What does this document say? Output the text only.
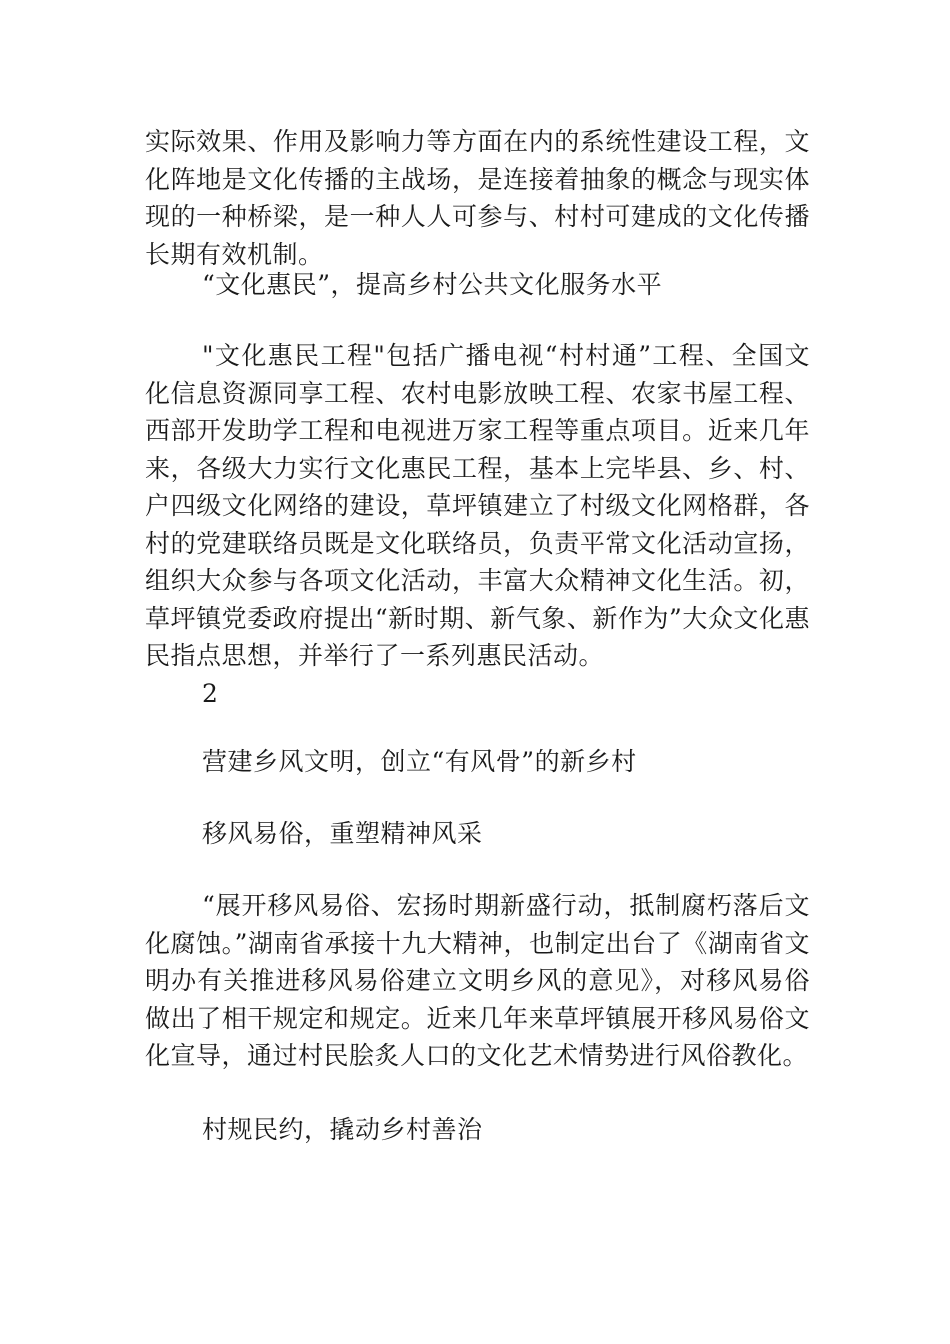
实际效果、作用及影响力等方面在内的系统性建设工程，文化阵地是文化传播的主战场，是连接着抽象的概念与现实体现的一种桥梁，是一种人人可参与、村村可建成的文化传播长期有效机制。

“文化惠民”，提高乡村公共文化服务水平

"文化惠民工程"包括广播电视“村村通”工程、全国文化信息资源同享工程、农村电影放映工程、农家书屋工程、西部开发助学工程和电视进万家工程等重点项目。近来几年来，各级大力实行文化惠民工程，基本上完毕县、乡、村、户四级文化网络的建设，草坪镇建立了村级文化网格群，各村的党建联络员既是文化联络员，负责平常文化活动宣扬，组织大众参与各项文化活动，丰富大众精神文化生活。初，草坪镇党委政府提出“新时期、新气象、新作为”大众文化惠民指点思想，并举行了一系列惠民活动。

2

营建乡风文明，创立“有风骨”的新乡村

移风易俗，重塑精神风采

“展开移风易俗、宏扬时期新盛行动，抵制腐朽落后文化腐蚀。”湖南省承接十九大精神，也制定出台了《湖南省文明办有关推进移风易俗建立文明乡风的意见》，对移风易俗做出了相干规定和规定。近来几年来草坪镇展开移风易俗文化宣导，通过村民脍炙人口的文化艺术情势进行风俗教化。

村规民约，撬动乡村善治
